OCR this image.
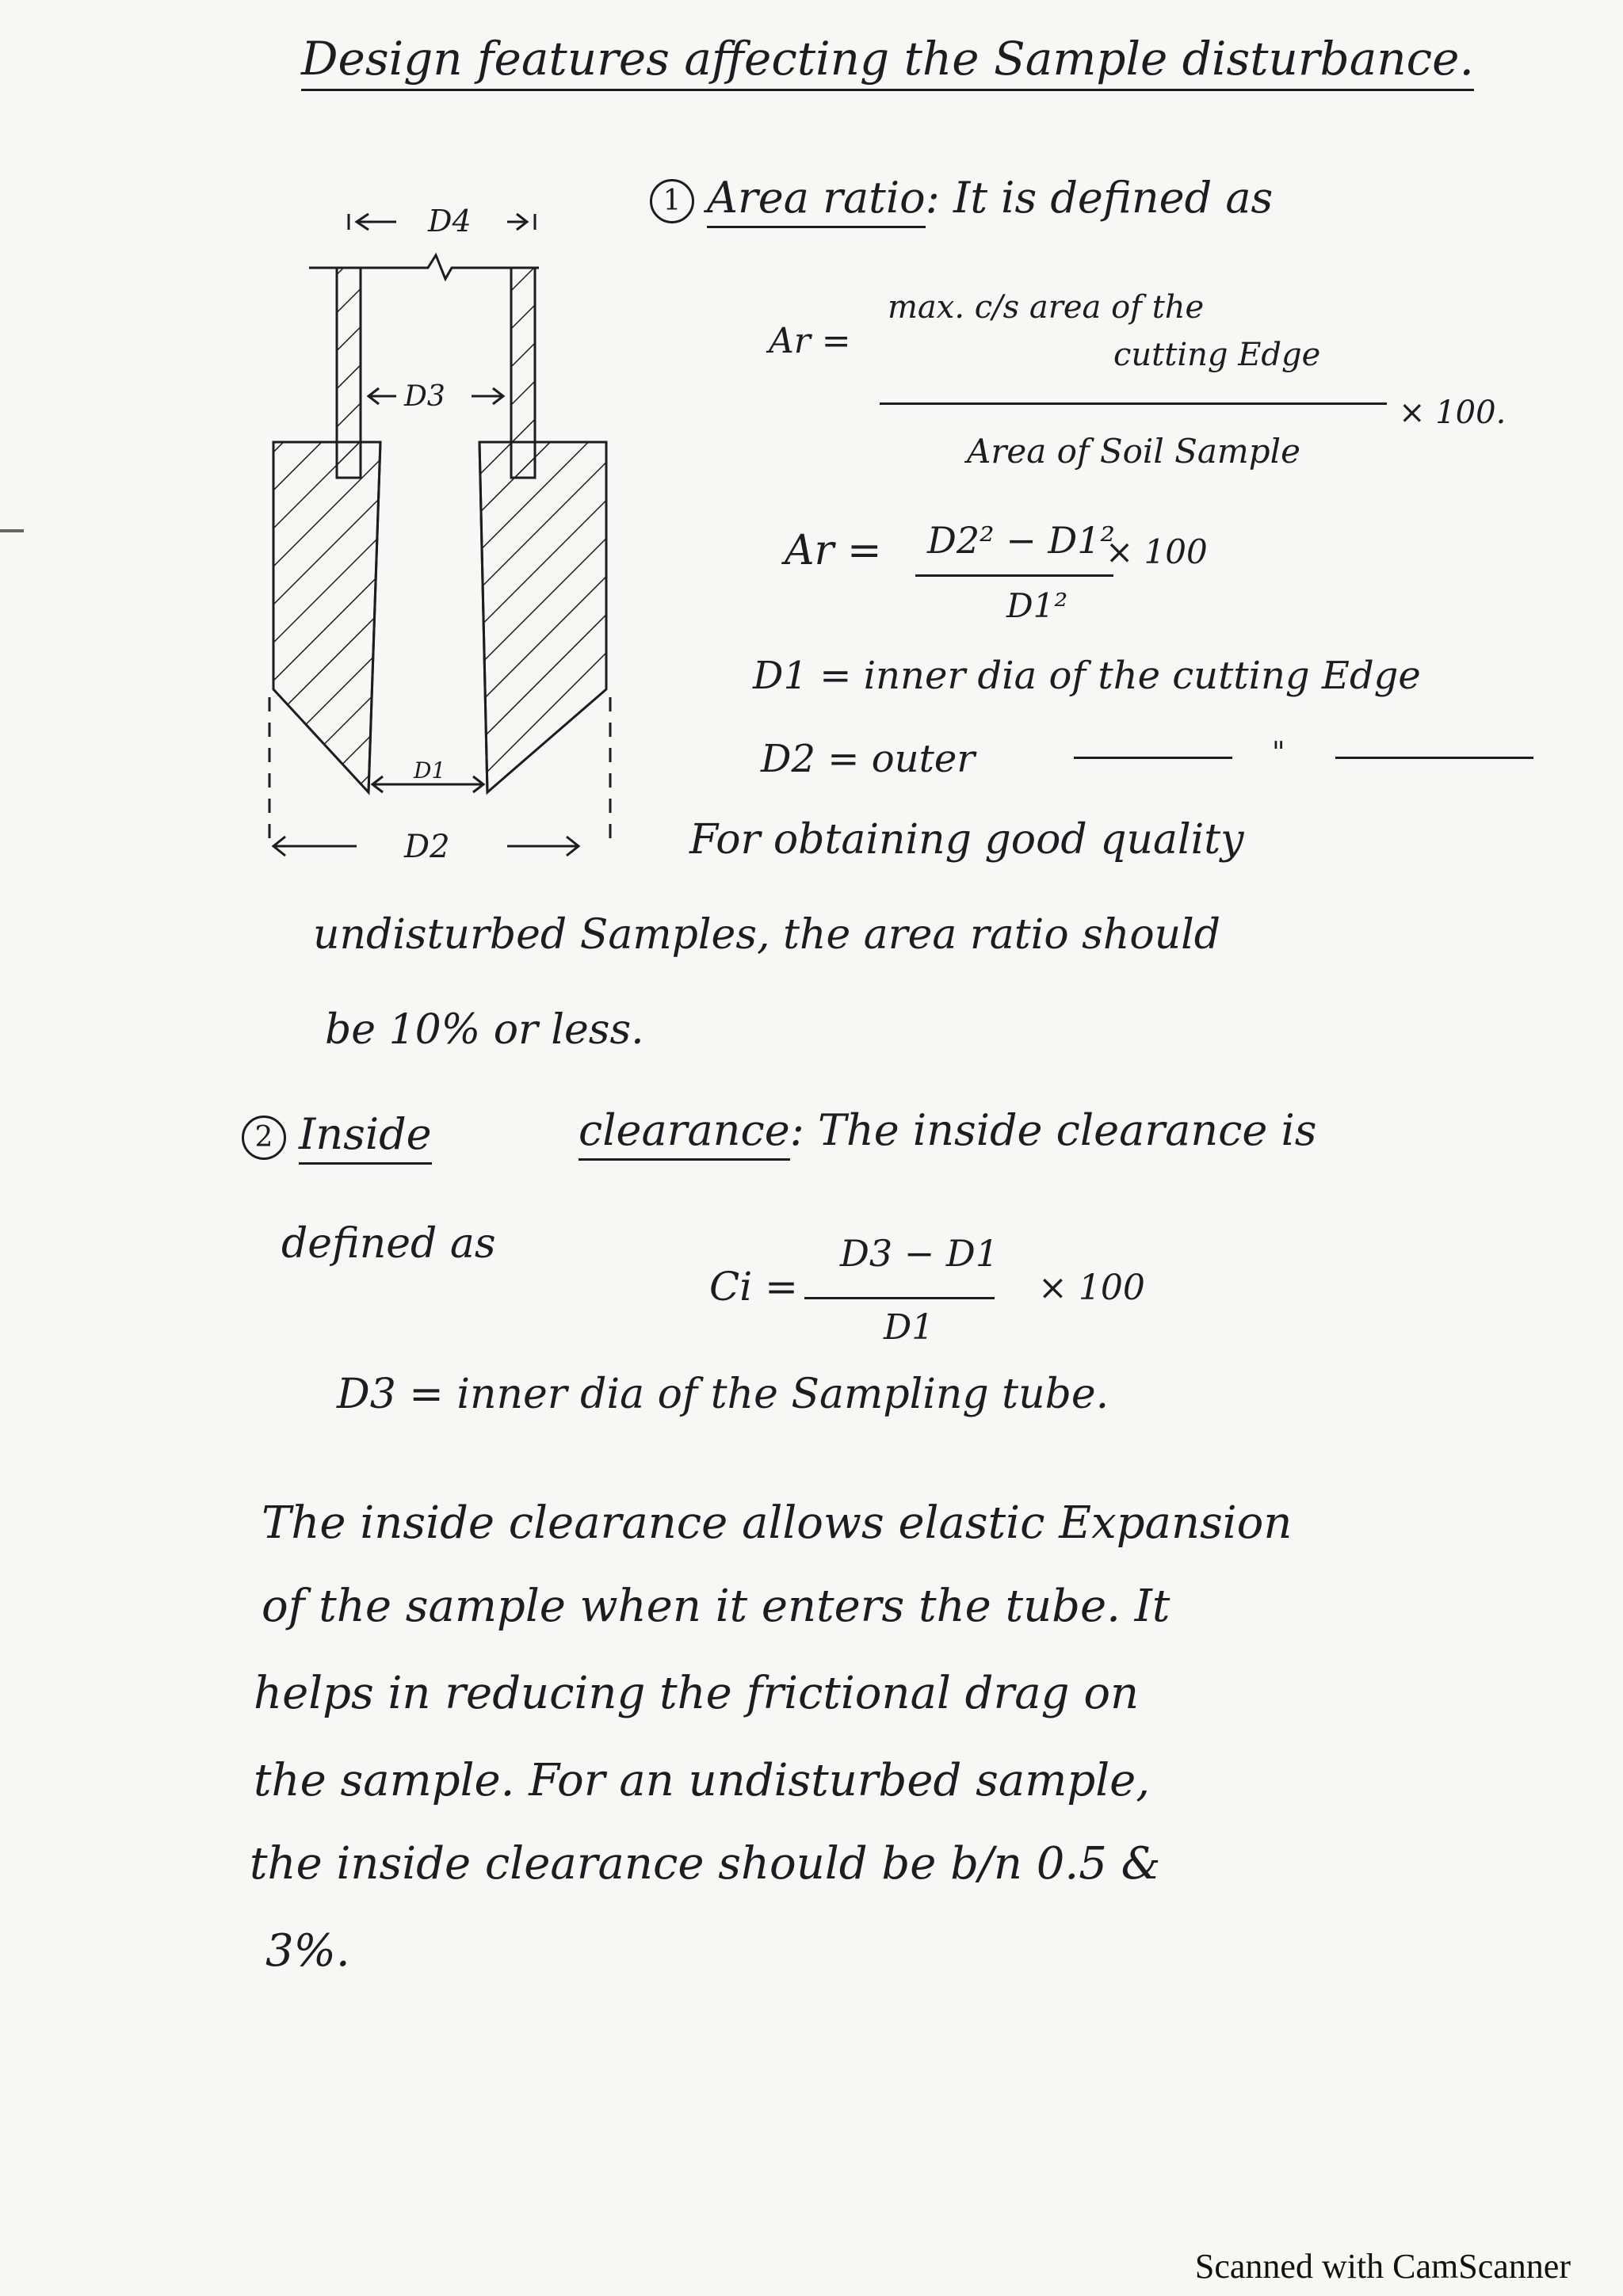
Design features affecting the Sample disturbance.
D4
D3
D1
D2
1 Area ratio: It is defined as
Ar =
max. c/s area of the
cutting Edge
× 100.
Area of Soil Sample
Ar = D2² − D1²
× 100
D1²
D1 = inner dia of the cutting Edge
D2 = outer	"
For obtaining good quality
undisturbed Samples, the area ratio should
be 10% or less.
2 Inside	clearance: The inside clearance is
defined as
Ci =
D3 − D1
× 100
D1
D3 = inner dia of the Sampling tube.
The inside clearance allows elastic Expansion
of the sample when it enters the tube. It
helps in reducing the frictional drag on
the sample. For an undisturbed sample,
the inside clearance should be b/n 0.5 &
3%.
Scanned with CamScanner
